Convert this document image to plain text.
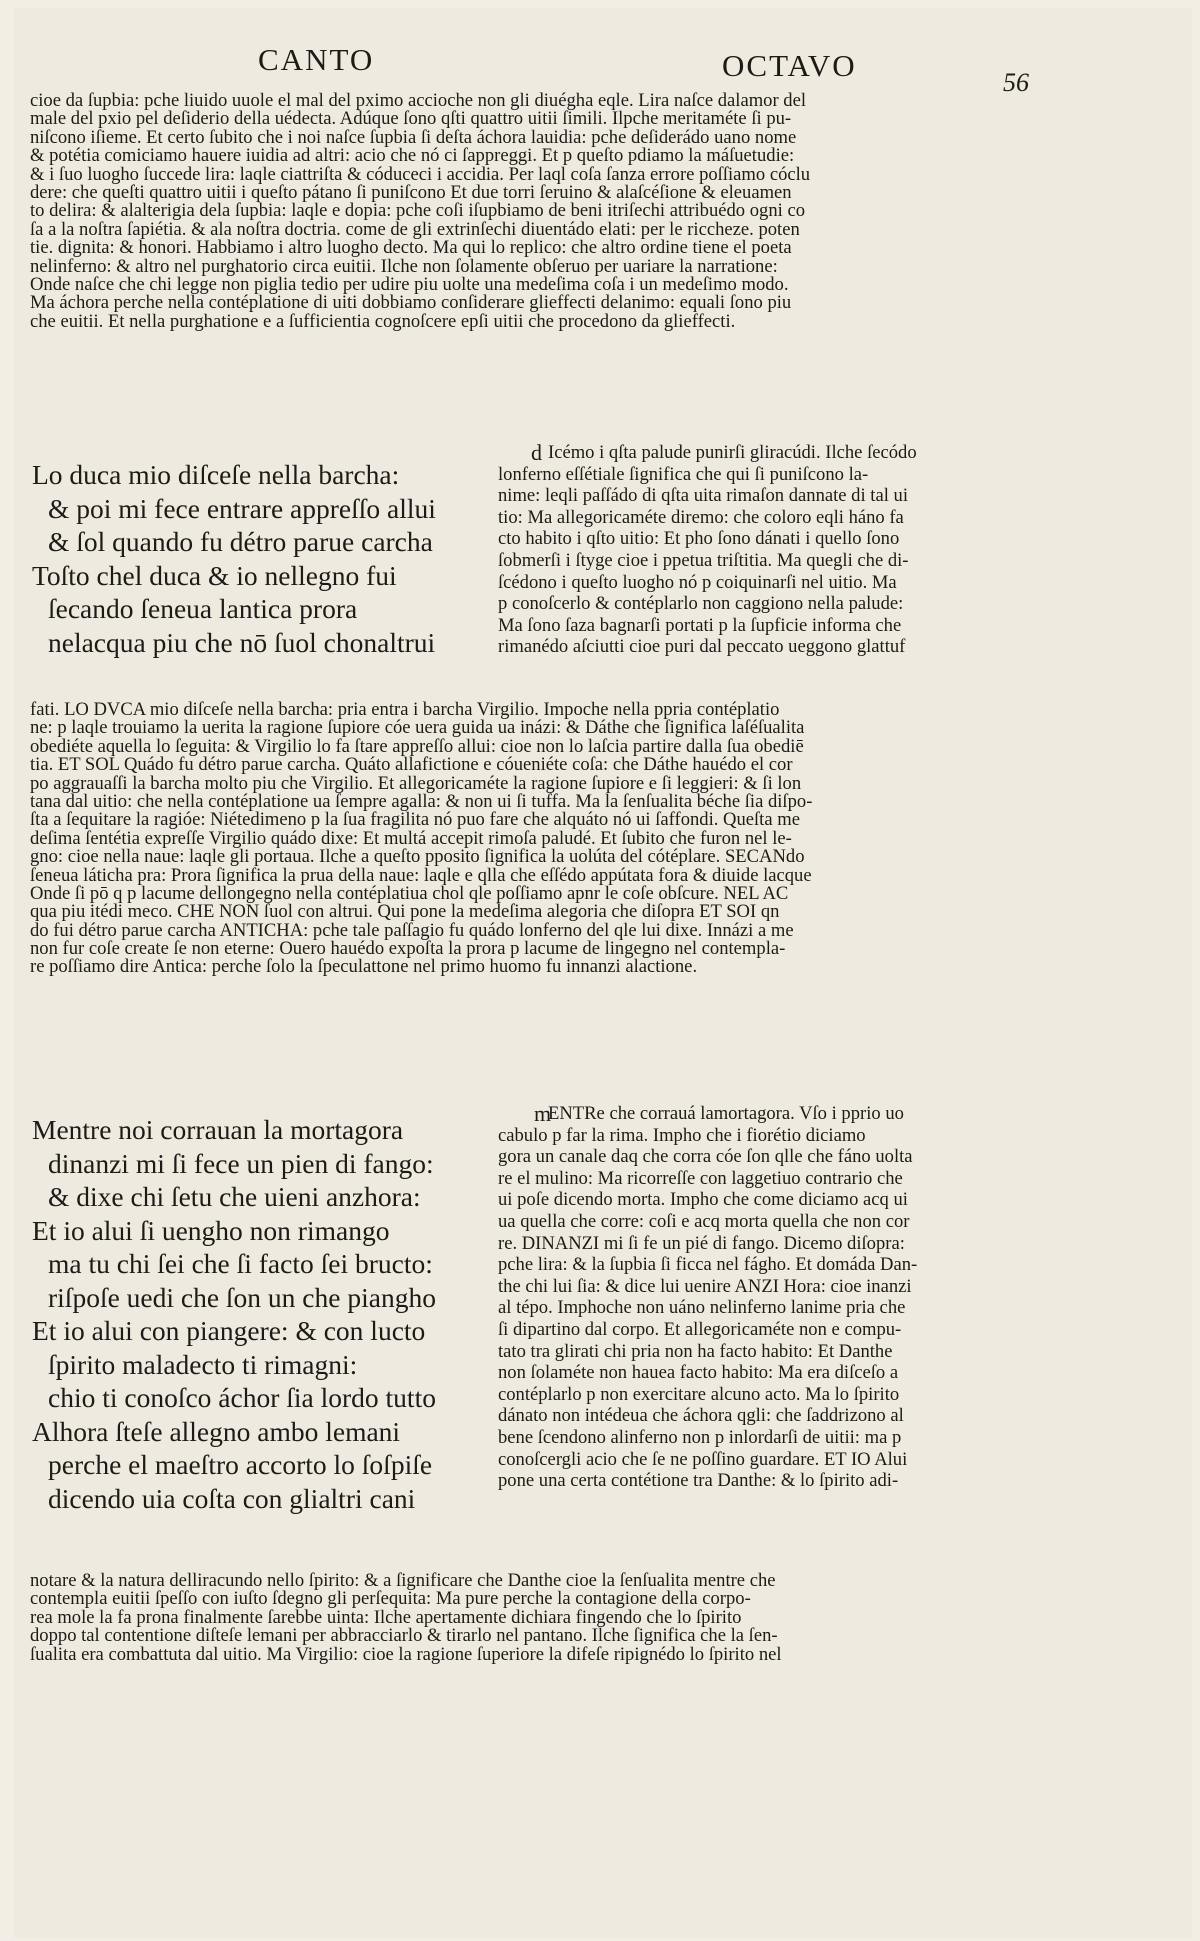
CANTO	OCTAVO	56
cioe da ſupbia: pche liuido uuole el mal del pximo accioche non gli diuégha eqle. Lira naſce dalamor del
male del pxio pel deſiderio della uédecta. Adúque ſono qſti quattro uitii ſimili. Ilpche meritaméte ſi pu-
niſcono iſieme. Et certo ſubito che i noi naſce ſupbia ſi deſta áchora lauidia: pche deſiderádo uano nome
& potétia comiciamo hauere iuidia ad altri: acio che nó ci ſappreggi. Et p queſto pdiamo la máſuetudie:
& i ſuo luogho ſuccede lira: laqle ciattriſta & códuceci i accidia. Per laql coſa ſanza errore poſſiamo cóclu
dere: che queſti quattro uitii i queſto pátano ſi puniſcono Et due torri ſeruino & alaſcéſione & eleuamen
to delira: & alalterigia dela ſupbia: laqle e dopia: pche coſi iſupbiamo de beni itriſechi attribuédo ogni co
ſa a la noſtra ſapiétia. & ala noſtra doctria. come de gli extrinſechi diuentádo elati: per le riccheze. poten
tie. dignita: & honori. Habbiamo i altro luogho decto. Ma qui lo replico: che altro ordine tiene el poeta
nelinferno: & altro nel purghatorio circa euitii. Ilche non ſolamente obſeruo per uariare la narratione:
Onde naſce che chi legge non piglia tedio per udire piu uolte una medeſima coſa i un medeſimo modo.
Ma áchora perche nella contéplatione di uiti dobbiamo conſiderare glieffecti delanimo: equali ſono piu
che euitii. Et nella purghatione e a ſufficientia cognoſcere epſi uitii che procedono da glieffecti.
Lo duca mio diſceſe nella barcha:
& poi mi fece entrare appreſſo allui
& ſol quando fu détro parue carcha
Toſto chel duca & io nellegno fui
ſecando ſeneua lantica prora
nelacqua piu che nō ſuol chonaltrui
d Icémo i qſta palude punirſi gliracúdi. Ilche ſecódo
lonferno eſſétiale ſignifica che qui ſi puniſcono la-
nime: leqli paſſádo di qſta uita rimaſon dannate di tal ui
tio: Ma allegoricaméte diremo: che coloro eqli háno fa
cto habito i qſto uitio: Et pho ſono dánati i quello ſono
ſobmerſi i ſtyge cioe i ppetua triſtitia. Ma quegli che di-
ſcédono i queſto luogho nó p coiquinarſi nel uitio. Ma
p conoſcerlo & contéplarlo non caggiono nella palude:
Ma ſono ſaza bagnarſi portati p la ſupficie informa che
rimanédo aſciutti cioe puri dal peccato ueggono glattuf
fati. LO DVCA mio diſceſe nella barcha: pria entra i barcha Virgilio. Impoche nella ppria contéplatio
ne: p laqle trouiamo la uerita la ragione ſupiore cóe uera guida ua inázi: & Dáthe che ſignifica laſéſualita
obediéte aquella lo ſeguita: & Virgilio lo fa ſtare appreſſo allui: cioe non lo laſcia partire dalla ſua obediē
tia. ET SOL Quádo fu détro parue carcha. Quáto allafictione e cóueniéte coſa: che Dáthe hauédo el cor
po aggrauaſſi la barcha molto piu che Virgilio. Et allegoricaméte la ragione ſupiore e ſi leggieri: & ſi lon
tana dal uitio: che nella contéplatione ua ſempre agalla: & non ui ſi tuffa. Ma la ſenſualita béche ſia diſpo-
ſta a ſequitare la ragióe: Niétedimeno p la ſua fragilita nó puo fare che alquáto nó ui ſaffondi. Queſta me
deſima ſentétia expreſſe Virgilio quádo dixe: Et multá accepit rimoſa paludé. Et ſubito che furon nel le-
gno: cioe nella naue: laqle gli portaua. Ilche a queſto pposito ſignifica la uolúta del cótéplare. SECANdo
ſeneua láticha pra: Prora ſignifica la prua della naue: laqle e qlla che eſſédo appútata fora & diuide lacque
Onde ſi pō q p lacume dellongegno nella contéplatiua chol qle poſſiamo apnr le coſe obſcure. NEL AC
qua piu itédi meco. CHE NON ſuol con altrui. Qui pone la medeſima alegoria che diſopra ET SOI qn
do fui détro parue carcha ANTICHA: pche tale paſſagio fu quádo lonferno del qle lui dixe. Innázi a me
non fur coſe create ſe non eterne: Ouero hauédo expoſta la prora p lacume de lingegno nel contempla-
re poſſiamo dire Antica: perche ſolo la ſpeculattone nel primo huomo fu innanzi alactione.
Mentre noi corrauan la mortagora
dinanzi mi ſi fece un pien di fango:
& dixe chi ſetu che uieni anzhora:
Et io alui ſi uengho non rimango
ma tu chi ſei che ſi facto ſei bructo:
riſpoſe uedi che ſon un che piangho
Et io alui con piangere: & con lucto
ſpirito maladecto ti rimagni:
chio ti conoſco áchor ſia lordo tutto
Alhora ſteſe allegno ambo lemani
perche el maeſtro accorto lo ſoſpiſe
dicendo uia coſta con glialtri cani
m
ENTRe che corrauá lamortagora. Vſo i pprio uo
cabulo p far la rima. Impho che i fiorétio diciamo
gora un canale daq che corra cóe ſon qlle che fáno uolta
re el mulino: Ma ricorreſſe con laggetiuo contrario che
ui poſe dicendo morta. Impho che come diciamo acq ui
ua quella che corre: coſi e acq morta quella che non cor
re. DINANZI mi ſi fe un pié di fango. Dicemo diſopra:
pche lira: & la ſupbia ſi ficca nel fágho. Et domáda Dan-
the chi lui ſia: & dice lui uenire ANZI Hora: cioe inanzi
al tépo. Imphoche non uáno nelinferno lanime pria che
ſi dipartino dal corpo. Et allegoricaméte non e compu-
tato tra glirati chi pria non ha facto habito: Et Danthe
non ſolaméte non haueа facto habito: Ma era diſceſo a
contéplarlo p non exercitare alcuno acto. Ma lo ſpirito
dánato non intédeua che áchora qgli: che ſaddrizono al
bene ſcendono alinferno non p inlordarſi de uitii: ma p
conoſcergli acio che ſe ne poſſino guardare. ET IO Alui
pone una certa contétione tra Danthe: & lo ſpirito adi-
notare & la natura delliracundo nello ſpirito: & a ſignificare che Danthe cioe la ſenſualita mentre che
contempla euitii ſpeſſo con iuſto ſdegno gli perſequita: Ma pure perche la contagione della corpo-
rea mole la fa prona finalmente ſarebbe uinta: Ilche apertamente dichiara fingendo che lo ſpirito
doppo tal contentione diſteſe lemani per abbracciarlo & tirarlo nel pantano. Ilche ſignifica che la ſen-
ſualita era combattuta dal uitio. Ma Virgilio: cioe la ragione ſuperiore la difeſe ripignédo lo ſpirito nel
